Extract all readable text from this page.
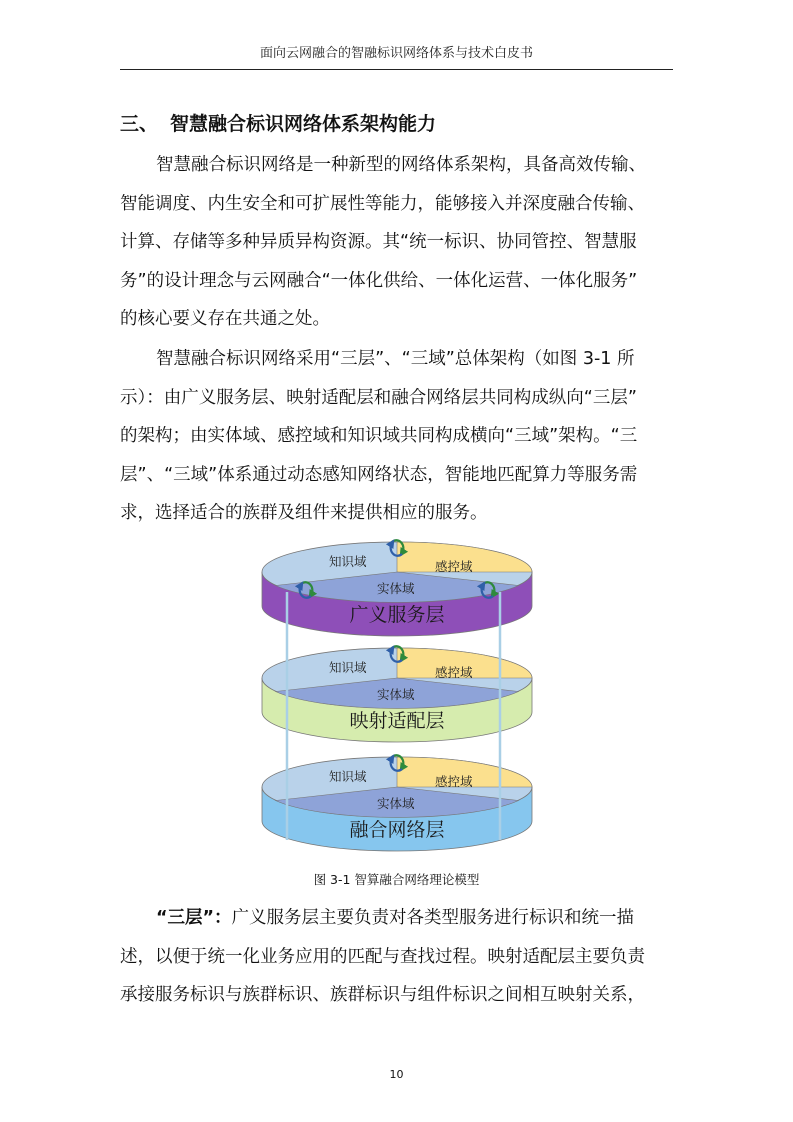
面向云网融合的智融标识网络体系与技术白皮书
三、 智慧融合标识网络体系架构能力
智慧融合标识网络是一种新型的网络体系架构，具备高效传输、
智能调度、内生安全和可扩展性等能力，能够接入并深度融合传输、
计算、存储等多种异质异构资源。其“统一标识、协同管控、智慧服
务”的设计理念与云网融合“一体化供给、一体化运营、一体化服务”
的核心要义存在共通之处。
智慧融合标识网络采用“三层”、“三域”总体架构（如图 3-1 所
示）：由广义服务层、映射适配层和融合网络层共同构成纵向“三层”
的架构；由实体域、感控域和知识域共同构成横向“三域”架构。“三
层”、“三域”体系通过动态感知网络状态，智能地匹配算力等服务需
求，选择适合的族群及组件来提供相应的服务。
知识域	感控域
实体域
广义服务层
知识域	感控域
实体域
映射适配层
知识域	感控域
实体域
融合网络层
图 3-1 智算融合网络理论模型
“三层”：广义服务层主要负责对各类型服务进行标识和统一描
述，以便于统一化业务应用的匹配与查找过程。映射适配层主要负责
承接服务标识与族群标识、族群标识与组件标识之间相互映射关系，
10
